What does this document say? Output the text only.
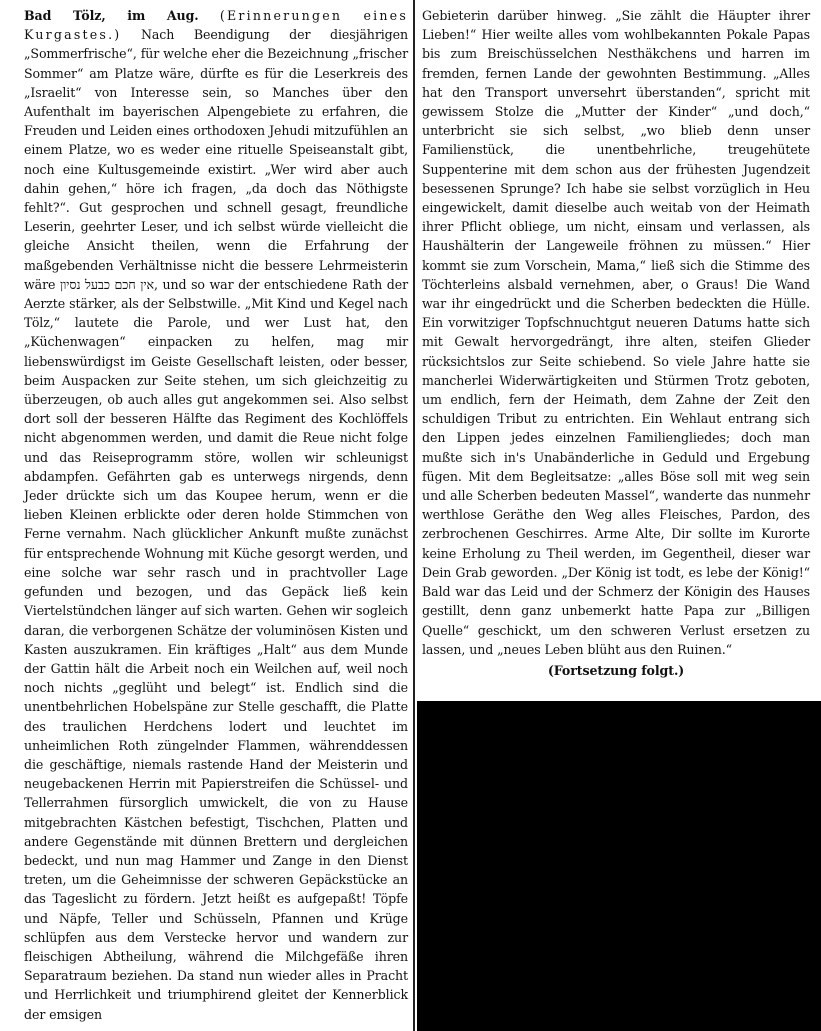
Bad Tölz, im Aug. (Erinnerungen eines Kurgastes.) Nach Beendigung der diesjährigen „Sommerfrische“, für welche eher die Bezeichnung „frischer Sommer“ am Platze wäre, dürfte es für die Leserkreis des „Israelit“ von Interesse sein, so Manches über den Aufenthalt im bayerischen Alpengebiete zu erfahren, die Freuden und Leiden eines orthodoxen Jehudi mitzufühlen an einem Platze, wo es weder eine rituelle Speiseanstalt gibt, noch eine Kultusgemeinde existirt. „Wer wird aber auch dahin gehen,“ höre ich fragen, „da doch das Nöthigste fehlt?“. Gut gesprochen und schnell gesagt, freundliche Leserin, geehrter Leser, und ich selbst würde vielleicht die gleiche Ansicht theilen, wenn die Erfahrung der maßgebenden Verhältnisse nicht die bessere Lehrmeisterin wäre אין חכם כבעל נסיון, und so war der entschiedene Rath der Aerzte stärker, als der Selbstwille. „Mit Kind und Kegel nach Tölz,“ lautete die Parole, und wer Lust hat, den „Küchenwagen“ einpacken zu helfen, mag mir liebenswürdigst im Geiste Gesellschaft leisten, oder besser, beim Auspacken zur Seite stehen, um sich gleichzeitig zu überzeugen, ob auch alles gut angekommen sei. Also selbst dort soll der besseren Hälfte das Regiment des Kochlöffels nicht abgenommen werden, und damit die Reue nicht folge und das Reiseprogramm störe, wollen wir schleunigst abdampfen. Gefährten gab es unterwegs nirgends, denn Jeder drückte sich um das Koupee herum, wenn er die lieben Kleinen erblickte oder deren holde Stimmchen von Ferne vernahm. Nach glücklicher Ankunft mußte zunächst für entsprechende Wohnung mit Küche gesorgt werden, und eine solche war sehr rasch und in prachtvoller Lage gefunden und bezogen, und das Gepäck ließ kein Viertelstündchen länger auf sich warten. Gehen wir sogleich daran, die verborgenen Schätze der voluminösen Kisten und Kasten auszukramen. Ein kräftiges „Halt“ aus dem Munde der Gattin hält die Arbeit noch ein Weilchen auf, weil noch noch nichts „geglüht und belegt“ ist. Endlich sind die unentbehrlichen Hobelspäne zur Stelle geschafft, die Platte des traulichen Herdchens lodert und leuchtet im unheimlichen Roth züngelnder Flammen, währenddessen die geschäftige, niemals rastende Hand der Meisterin und neugebackenen Herrin mit Papierstreifen die Schüssel- und Tellerrahmen fürsorglich umwickelt, die von zu Hause mitgebrachten Kästchen befestigt, Tischchen, Platten und andere Gegenstände mit dünnen Brettern und dergleichen bedeckt, und nun mag Hammer und Zange in den Dienst treten, um die Geheimnisse der schweren Gepäckstücke an das Tageslicht zu fördern. Jetzt heißt es aufgepaßt! Töpfe und Näpfe, Teller und Schüsseln, Pfannen und Krüge schlüpfen aus dem Verstecke hervor und wandern zur fleischigen Abtheilung, während die Milchgefäße ihren Separatraum beziehen. Da stand nun wieder alles in Pracht und Herrlichkeit und triumphirend gleitet der Kennerblick der emsigen

Gebieterin darüber hinweg. „Sie zählt die Häupter ihrer Lieben!“ Hier weilte alles vom wohlbekannten Pokale Papas bis zum Breischüsselchen Nesthäkchens und harren im fremden, fernen Lande der gewohnten Bestimmung. „Alles hat den Transport unversehrt überstanden“, spricht mit gewissem Stolze die „Mutter der Kinder“ „und doch,“ unterbricht sie sich selbst, „wo blieb denn unser Familienstück, die unentbehrliche, treugehütete Suppenterine mit dem schon aus der frühesten Jugendzeit besessenen Sprunge? Ich habe sie selbst vorzüglich in Heu eingewickelt, damit dieselbe auch weitab von der Heimath ihrer Pflicht obliege, um nicht, einsam und verlassen, als Haushälterin der Langeweile fröhnen zu müssen.“ Hier kommt sie zum Vorschein, Mama,“ ließ sich die Stimme des Töchterleins alsbald vernehmen, aber, o Graus! Die Wand war ihr eingedrückt und die Scherben bedeckten die Hülle. Ein vorwitziger Topfschnuchtgut neueren Datums hatte sich mit Gewalt hervorgedrängt, ihre alten, steifen Glieder rücksichtslos zur Seite schiebend. So viele Jahre hatte sie mancherlei Widerwärtigkeiten und Stürmen Trotz geboten, um endlich, fern der Heimath, dem Zahne der Zeit den schuldigen Tribut zu entrichten. Ein Wehlaut entrang sich den Lippen jedes einzelnen Familiengliedes; doch man mußte sich in's Unabänderliche in Geduld und Ergebung fügen. Mit dem Begleitsatze: „alles Böse soll mit weg sein und alle Scherben bedeuten Massel“, wanderte das nunmehr werthlose Geräthe den Weg alles Fleisches, Pardon, des zerbrochenen Geschirres. Arme Alte, Dir sollte im Kurorte keine Erholung zu Theil werden, im Gegentheil, dieser war Dein Grab geworden. „Der König ist todt, es lebe der König!“ Bald war das Leid und der Schmerz der Königin des Hauses gestillt, denn ganz unbemerkt hatte Papa zur „Billigen Quelle“ geschickt, um den schweren Verlust ersetzen zu lassen, und „neues Leben blüht aus den Ruinen.“

(Fortsetzung folgt.)
